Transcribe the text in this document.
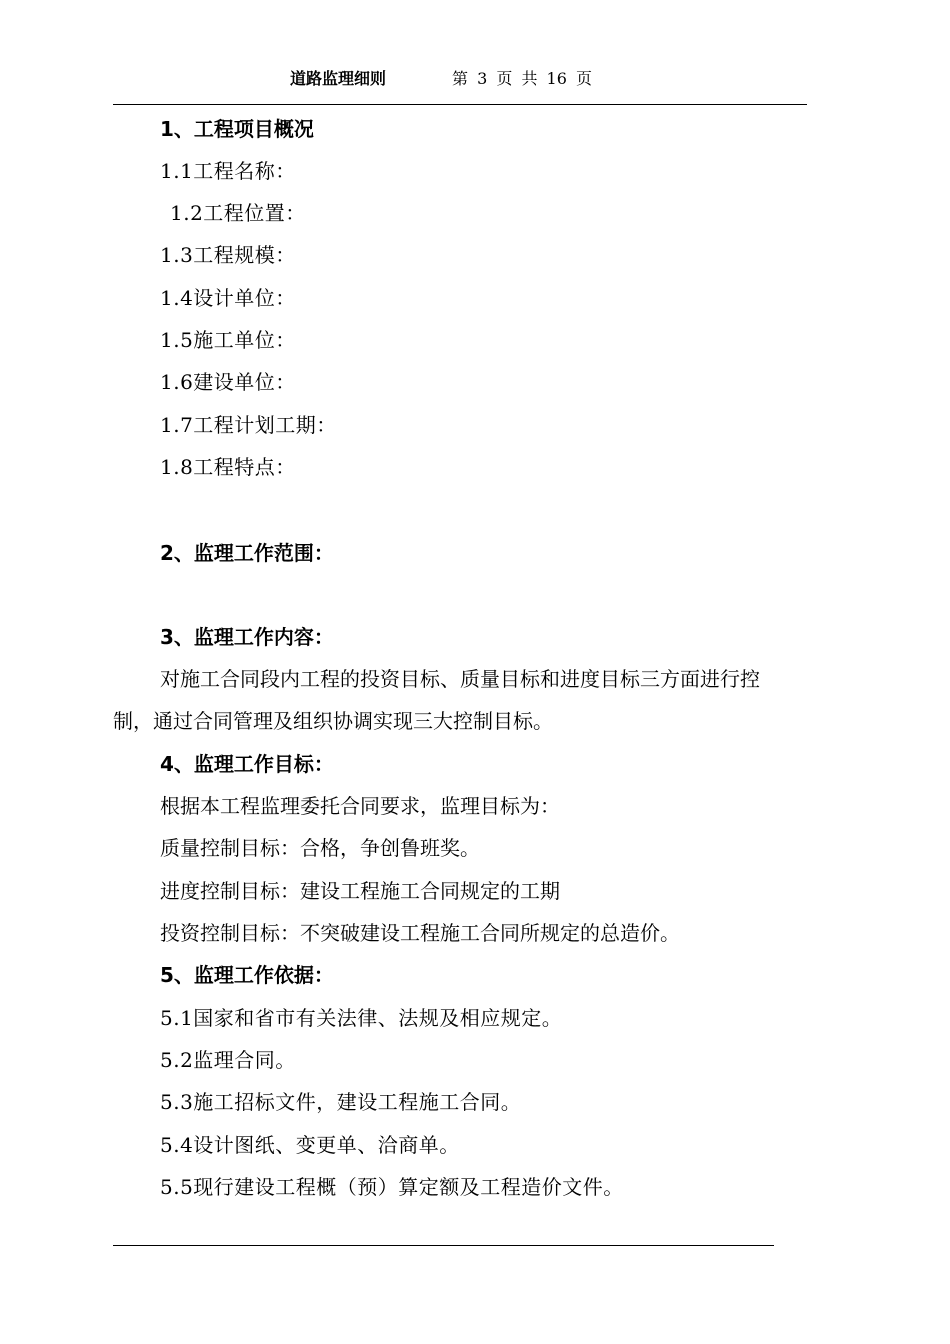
道路监理细则	第 3 页 共 16 页
1、工程项目概况
1.1工程名称：
1.2工程位置：
1.3工程规模：
1.4设计单位：
1.5施工单位：
1.6建设单位：
1.7工程计划工期：
1.8工程特点：
2、监理工作范围：
3、监理工作内容：
对施工合同段内工程的投资目标、质量目标和进度目标三方面进行控
制，通过合同管理及组织协调实现三大控制目标。
4、监理工作目标：
根据本工程监理委托合同要求，监理目标为：
质量控制目标：合格，争创鲁班奖。
进度控制目标：建设工程施工合同规定的工期
投资控制目标：不突破建设工程施工合同所规定的总造价。
5、监理工作依据：
5.1国家和省市有关法律、法规及相应规定。
5.2监理合同。
5.3施工招标文件，建设工程施工合同。
5.4设计图纸、变更单、洽商单。
5.5现行建设工程概（预）算定额及工程造价文件。
